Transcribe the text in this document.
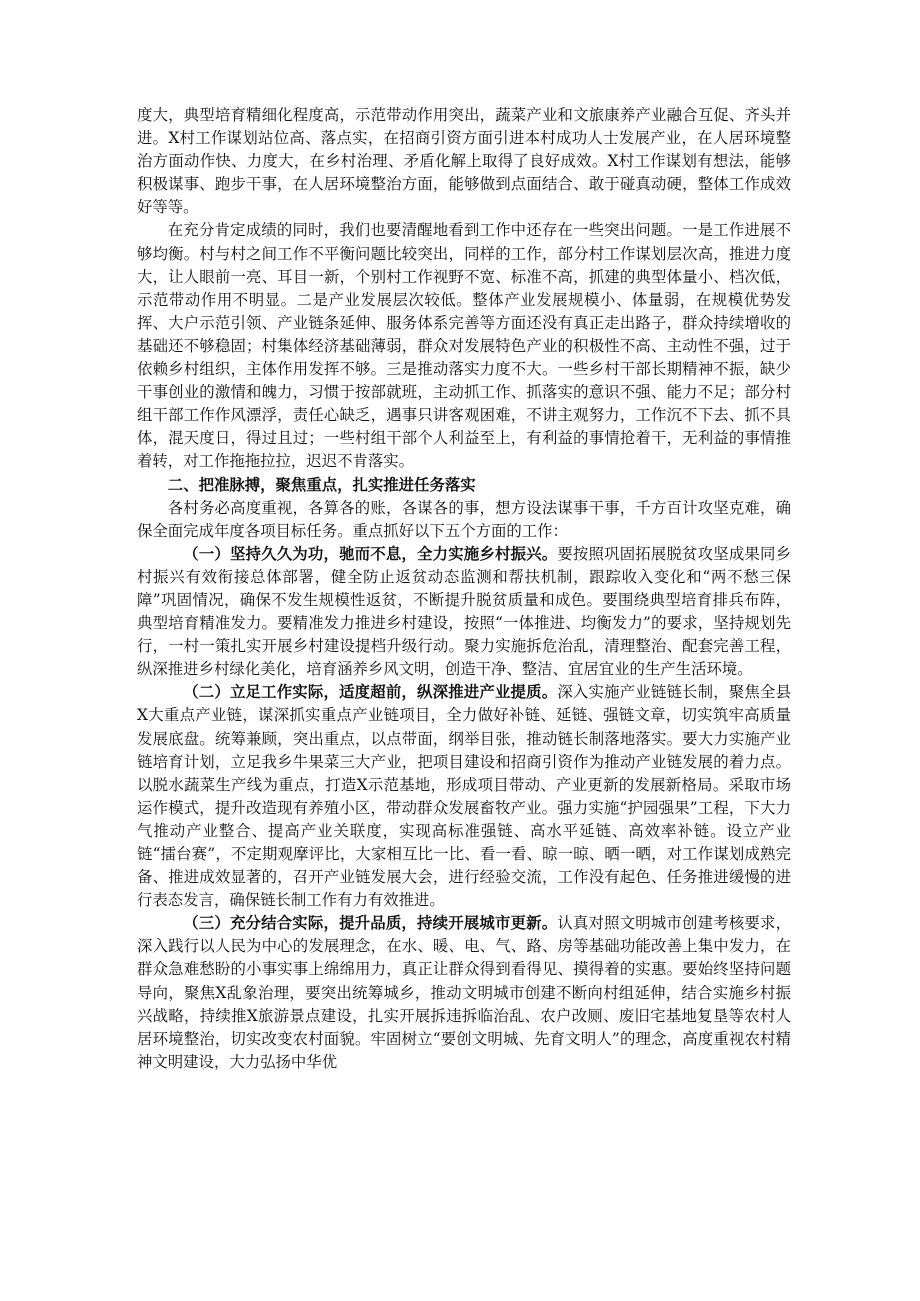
度大，典型培育精细化程度高，示范带动作用突出，蔬菜产业和文旅康养产业融合互促、齐头并进。X村工作谋划站位高、落点实，在招商引资方面引进本村成功人士发展产业，在人居环境整治方面动作快、力度大，在乡村治理、矛盾化解上取得了良好成效。X村工作谋划有想法，能够积极谋事、跑步干事，在人居环境整治方面，能够做到点面结合、敢于碰真动硬，整体工作成效好等等。

在充分肯定成绩的同时，我们也要清醒地看到工作中还存在一些突出问题。一是工作进展不够均衡。村与村之间工作不平衡问题比较突出，同样的工作，部分村工作谋划层次高，推进力度大，让人眼前一亮、耳目一新，个别村工作视野不宽、标准不高，抓建的典型体量小、档次低，示范带动作用不明显。二是产业发展层次较低。整体产业发展规模小、体量弱，在规模优势发挥、大户示范引领、产业链条延伸、服务体系完善等方面还没有真正走出路子，群众持续增收的基础还不够稳固；村集体经济基础薄弱，群众对发展特色产业的积极性不高、主动性不强，过于依赖乡村组织，主体作用发挥不够。三是推动落实力度不大。一些乡村干部长期精神不振，缺少干事创业的激情和魄力，习惯于按部就班，主动抓工作、抓落实的意识不强、能力不足；部分村组干部工作作风漂浮，责任心缺乏，遇事只讲客观困难，不讲主观努力，工作沉不下去、抓不具体，混天度日，得过且过；一些村组干部个人利益至上，有利益的事情抢着干，无利益的事情推着转，对工作拖拖拉拉，迟迟不肯落实。

二、把准脉搏，聚焦重点，扎实推进任务落实

各村务必高度重视，各算各的账，各谋各的事，想方设法谋事干事，千方百计攻坚克难，确保全面完成年度各项目标任务。重点抓好以下五个方面的工作：

（一）坚持久久为功，驰而不息，全力实施乡村振兴。要按照巩固拓展脱贫攻坚成果同乡村振兴有效衔接总体部署，健全防止返贫动态监测和帮扶机制，跟踪收入变化和“两不愁三保障”巩固情况，确保不发生规模性返贫，不断提升脱贫质量和成色。要围绕典型培育排兵布阵，典型培育精准发力。要精准发力推进乡村建设，按照“一体推进、均衡发力”的要求，坚持规划先行，一村一策扎实开展乡村建设提档升级行动。聚力实施拆危治乱，清理整治、配套完善工程，纵深推进乡村绿化美化，培育涵养乡风文明，创造干净、整洁、宜居宜业的生产生活环境。

（二）立足工作实际，适度超前，纵深推进产业提质。深入实施产业链链长制，聚焦全县X大重点产业链，谋深抓实重点产业链项目，全力做好补链、延链、强链文章，切实筑牢高质量发展底盘。统筹兼顾，突出重点，以点带面，纲举目张，推动链长制落地落实。要大力实施产业链培育计划，立足我乡牛果菜三大产业，把项目建设和招商引资作为推动产业链发展的着力点。以脱水蔬菜生产线为重点，打造X示范基地，形成项目带动、产业更新的发展新格局。采取市场运作模式，提升改造现有养殖小区，带动群众发展畜牧产业。强力实施“护园强果”工程，下大力气推动产业整合、提高产业关联度，实现高标准强链、高水平延链、高效率补链。设立产业链“擂台赛”，不定期观摩评比，大家相互比一比、看一看、晾一晾、晒一晒，对工作谋划成熟完备、推进成效显著的，召开产业链发展大会，进行经验交流，工作没有起色、任务推进缓慢的进行表态发言，确保链长制工作有力有效推进。

（三）充分结合实际，提升品质，持续开展城市更新。认真对照文明城市创建考核要求，深入践行以人民为中心的发展理念，在水、暖、电、气、路、房等基础功能改善上集中发力，在群众急难愁盼的小事实事上绵绵用力，真正让群众得到看得见、摸得着的实惠。要始终坚持问题导向，聚焦X乱象治理，要突出统筹城乡，推动文明城市创建不断向村组延伸，结合实施乡村振兴战略，持续推X旅游景点建设，扎实开展拆违拆临治乱、农户改厕、废旧宅基地复垦等农村人居环境整治，切实改变农村面貌。牢固树立“要创文明城、先育文明人”的理念，高度重视农村精神文明建设，大力弘扬中华优
